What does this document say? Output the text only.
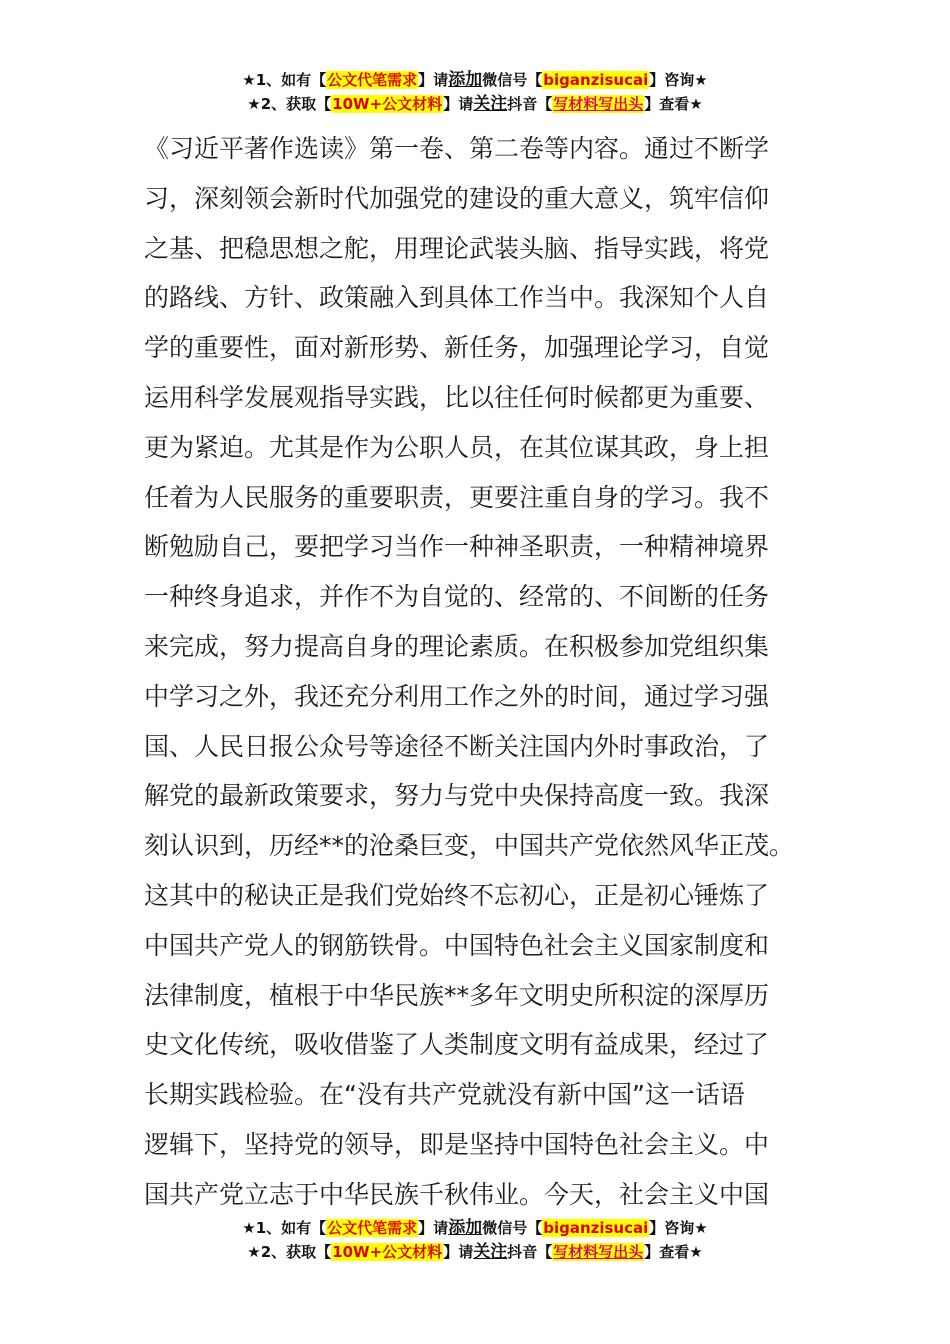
★1、如有【公文代笔需求】请添加微信号【biganzisucai】咨询★
★2、获取【10W+公文材料】请关注抖音【写材料写出头】查看★
《习近平著作选读》第一卷、第二卷等内容。通过不断学
习，深刻领会新时代加强党的建设的重大意义，筑牢信仰
之基、把稳思想之舵，用理论武装头脑、指导实践，将党
的路线、方针、政策融入到具体工作当中。我深知个人自
学的重要性，面对新形势、新任务，加强理论学习，自觉
运用科学发展观指导实践，比以往任何时候都更为重要、
更为紧迫。尤其是作为公职人员，在其位谋其政，身上担
任着为人民服务的重要职责，更要注重自身的学习。我不
断勉励自己，要把学习当作一种神圣职责，一种精神境界
一种终身追求，并作不为自觉的、经常的、不间断的任务
来完成，努力提高自身的理论素质。在积极参加党组织集
中学习之外，我还充分利用工作之外的时间，通过学习强
国、人民日报公众号等途径不断关注国内外时事政治，了
解党的最新政策要求，努力与党中央保持高度一致。我深
刻认识到，历经**的沧桑巨变，中国共产党依然风华正茂。
这其中的秘诀正是我们党始终不忘初心，正是初心锤炼了
中国共产党人的钢筋铁骨。中国特色社会主义国家制度和
法律制度，植根于中华民族**多年文明史所积淀的深厚历
史文化传统，吸收借鉴了人类制度文明有益成果，经过了
长期实践检验。在“没有共产党就没有新中国”这一话语
逻辑下，坚持党的领导，即是坚持中国特色社会主义。中
国共产党立志于中华民族千秋伟业。今天，社会主义中国
★1、如有【公文代笔需求】请添加微信号【biganzisucai】咨询★
★2、获取【10W+公文材料】请关注抖音【写材料写出头】查看★
